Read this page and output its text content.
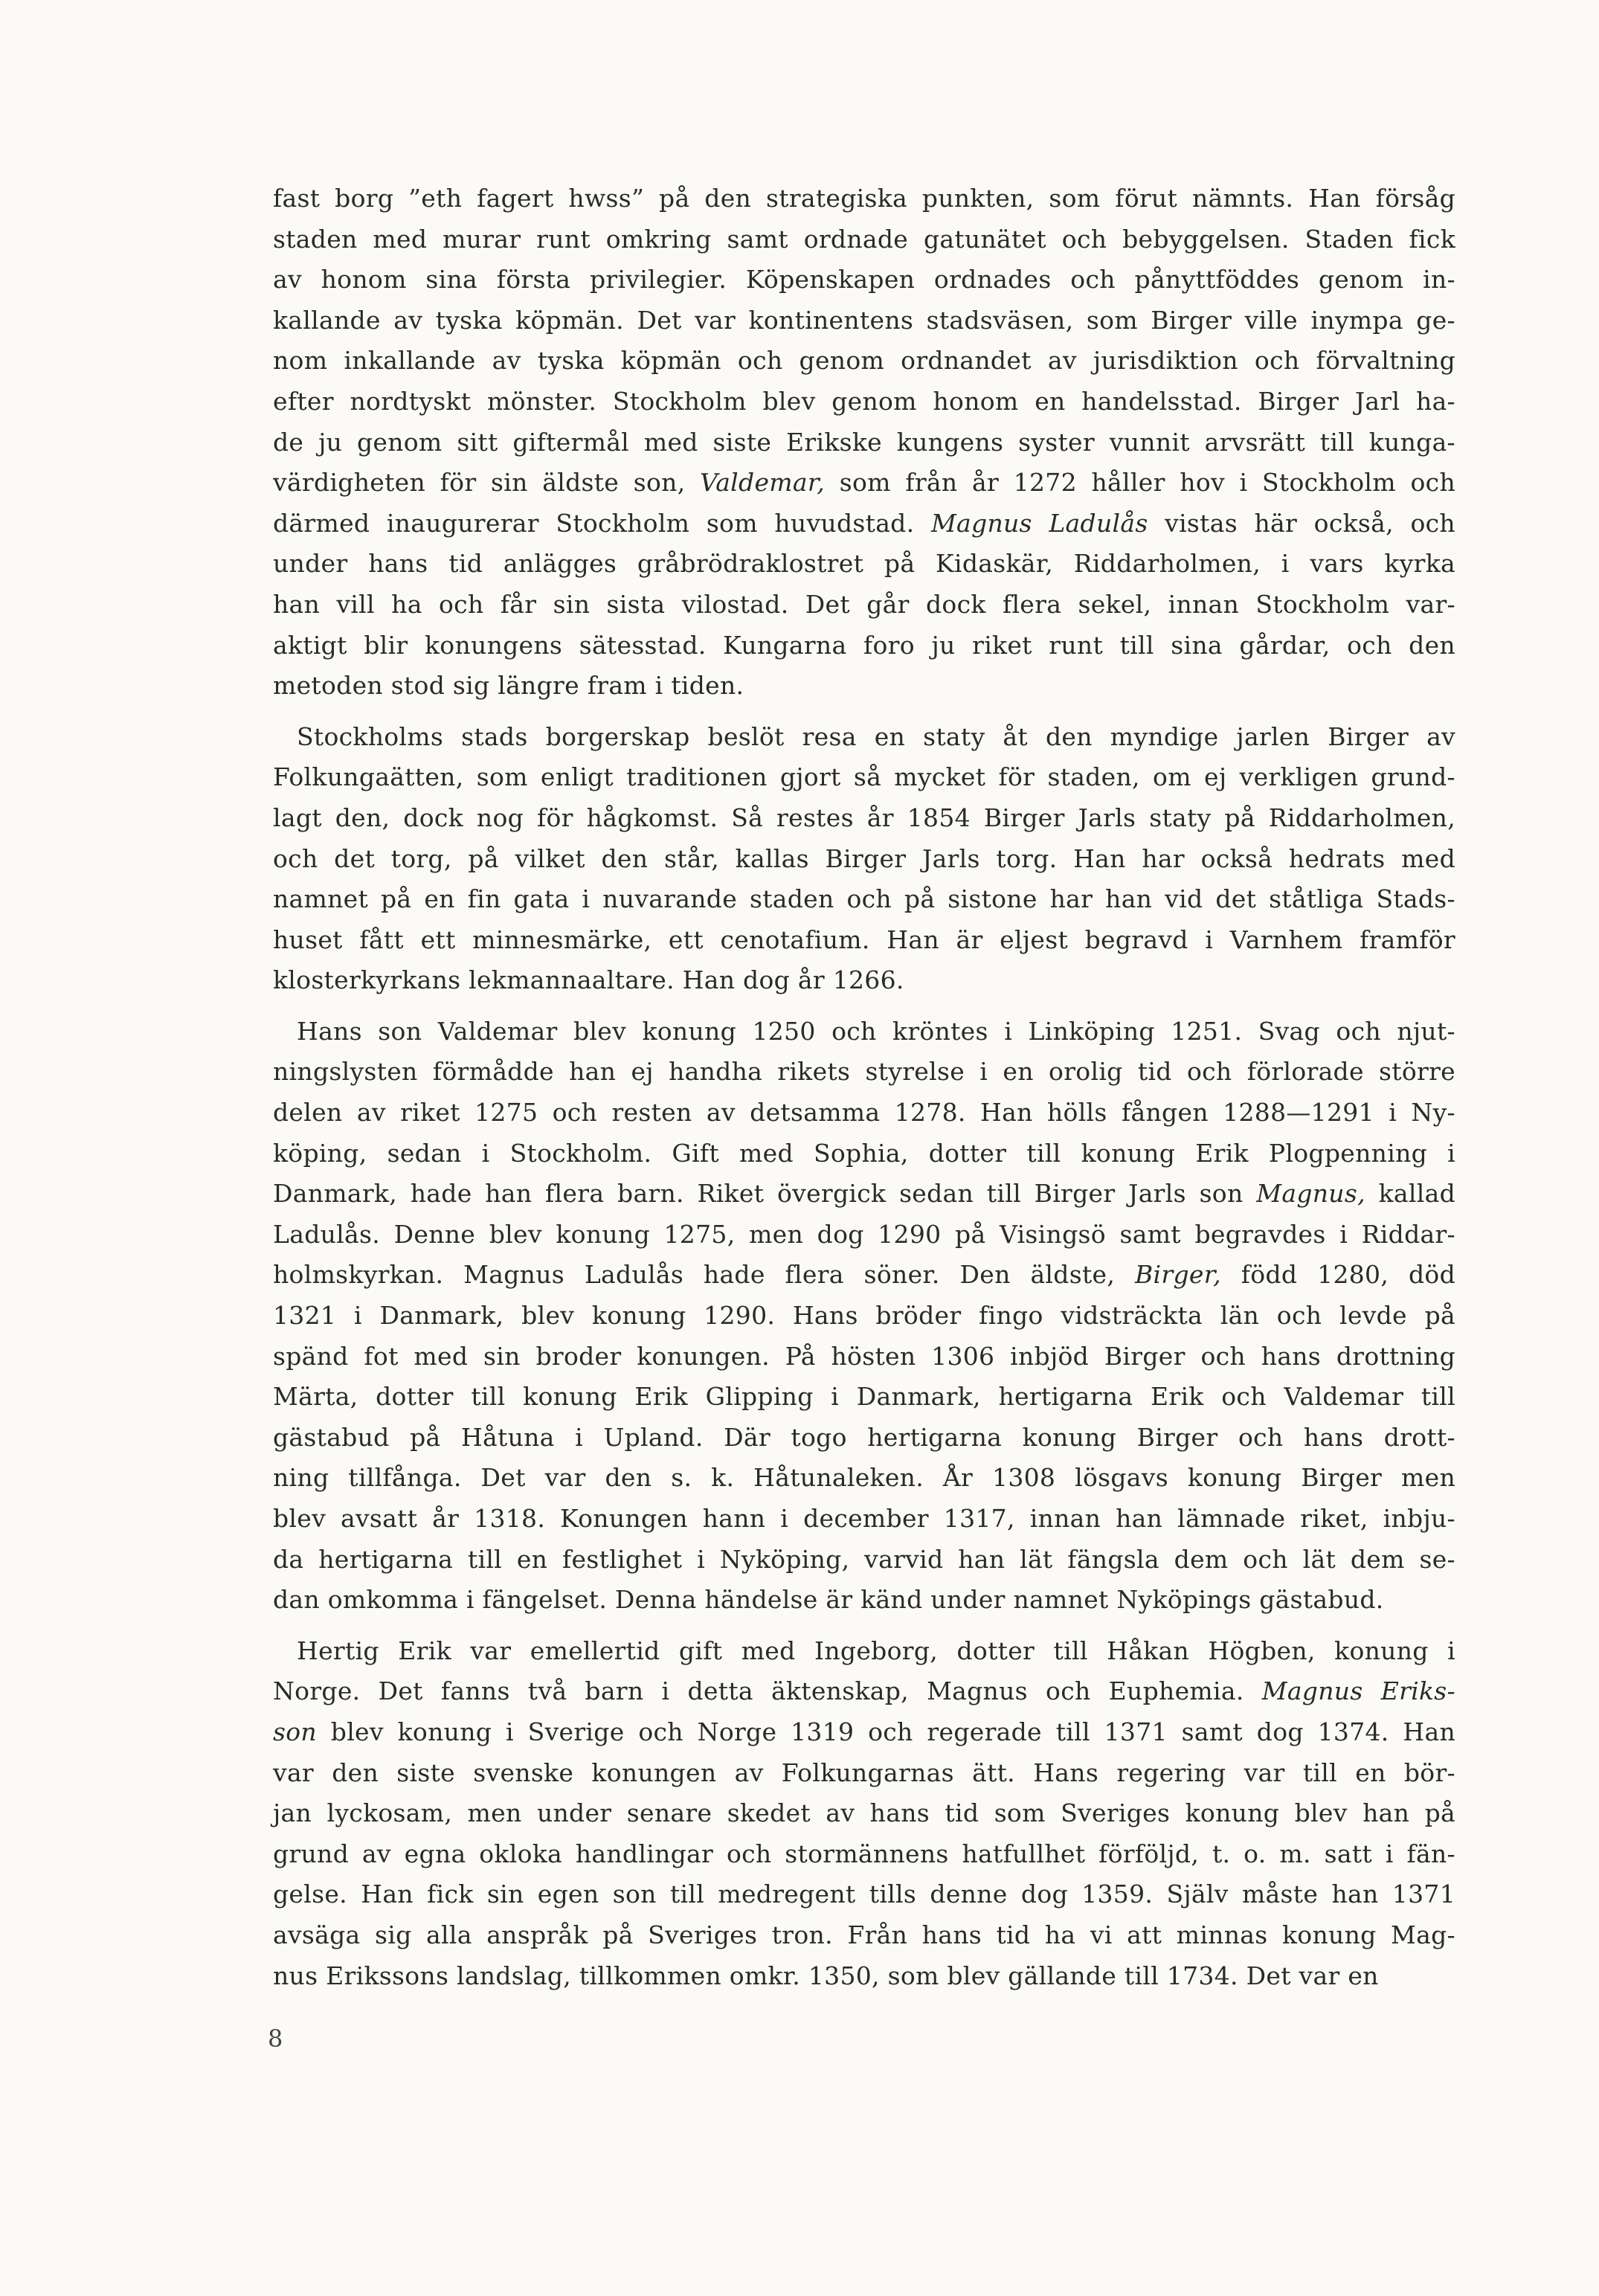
fast borg ”eth fagert hwss” på den strategiska punkten, som förut nämnts. Han försåg
staden med murar runt omkring samt ordnade gatunätet och bebyggelsen. Staden fick
av honom sina första privilegier. Köpenskapen ordnades och pånyttföddes genom in-
kallande av tyska köpmän. Det var kontinentens stadsväsen, som Birger ville inympa ge-
nom inkallande av tyska köpmän och genom ordnandet av jurisdiktion och förvaltning
efter nordtyskt mönster. Stockholm blev genom honom en handelsstad. Birger Jarl ha-
de ju genom sitt giftermål med siste Erikske kungens syster vunnit arvsrätt till kunga-
värdigheten för sin äldste son, Valdemar, som från år 1272 håller hov i Stockholm och
därmed inaugurerar Stockholm som huvudstad. Magnus Ladulås vistas här också, och
under hans tid anlägges gråbrödraklostret på Kidaskär, Riddarholmen, i vars kyrka
han vill ha och får sin sista vilostad. Det går dock flera sekel, innan Stockholm var-
aktigt blir konungens sätesstad. Kungarna foro ju riket runt till sina gårdar, och den
metoden stod sig längre fram i tiden.

Stockholms stads borgerskap beslöt resa en staty åt den myndige jarlen Birger av
Folkungaätten, som enligt traditionen gjort så mycket för staden, om ej verkligen grund-
lagt den, dock nog för hågkomst. Så restes år 1854 Birger Jarls staty på Riddarholmen,
och det torg, på vilket den står, kallas Birger Jarls torg. Han har också hedrats med
namnet på en fin gata i nuvarande staden och på sistone har han vid det ståtliga Stads-
huset fått ett minnesmärke, ett cenotafium. Han är eljest begravd i Varnhem framför
klosterkyrkans lekmannaaltare. Han dog år 1266.

Hans son Valdemar blev konung 1250 och kröntes i Linköping 1251. Svag och njut-
ningslysten förmådde han ej handha rikets styrelse i en orolig tid och förlorade större
delen av riket 1275 och resten av detsamma 1278. Han hölls fången 1288—1291 i Ny-
köping, sedan i Stockholm. Gift med Sophia, dotter till konung Erik Plogpenning i
Danmark, hade han flera barn. Riket övergick sedan till Birger Jarls son Magnus, kallad
Ladulås. Denne blev konung 1275, men dog 1290 på Visingsö samt begravdes i Riddar-
holmskyrkan. Magnus Ladulås hade flera söner. Den äldste, Birger, född 1280, död
1321 i Danmark, blev konung 1290. Hans bröder fingo vidsträckta län och levde på
spänd fot med sin broder konungen. På hösten 1306 inbjöd Birger och hans drottning
Märta, dotter till konung Erik Glipping i Danmark, hertigarna Erik och Valdemar till
gästabud på Håtuna i Upland. Där togo hertigarna konung Birger och hans drott-
ning tillfånga. Det var den s. k. Håtunaleken. År 1308 lösgavs konung Birger men
blev avsatt år 1318. Konungen hann i december 1317, innan han lämnade riket, inbju-
da hertigarna till en festlighet i Nyköping, varvid han lät fängsla dem och lät dem se-
dan omkomma i fängelset. Denna händelse är känd under namnet Nyköpings gästabud.

Hertig Erik var emellertid gift med Ingeborg, dotter till Håkan Högben, konung i
Norge. Det fanns två barn i detta äktenskap, Magnus och Euphemia. Magnus Eriks-
son blev konung i Sverige och Norge 1319 och regerade till 1371 samt dog 1374. Han
var den siste svenske konungen av Folkungarnas ätt. Hans regering var till en bör-
jan lyckosam, men under senare skedet av hans tid som Sveriges konung blev han på
grund av egna okloka handlingar och stormännens hatfullhet förföljd, t. o. m. satt i fän-
gelse. Han fick sin egen son till medregent tills denne dog 1359. Själv måste han 1371
avsäga sig alla anspråk på Sveriges tron. Från hans tid ha vi att minnas konung Mag-
nus Erikssons landslag, tillkommen omkr. 1350, som blev gällande till 1734. Det var en

8
